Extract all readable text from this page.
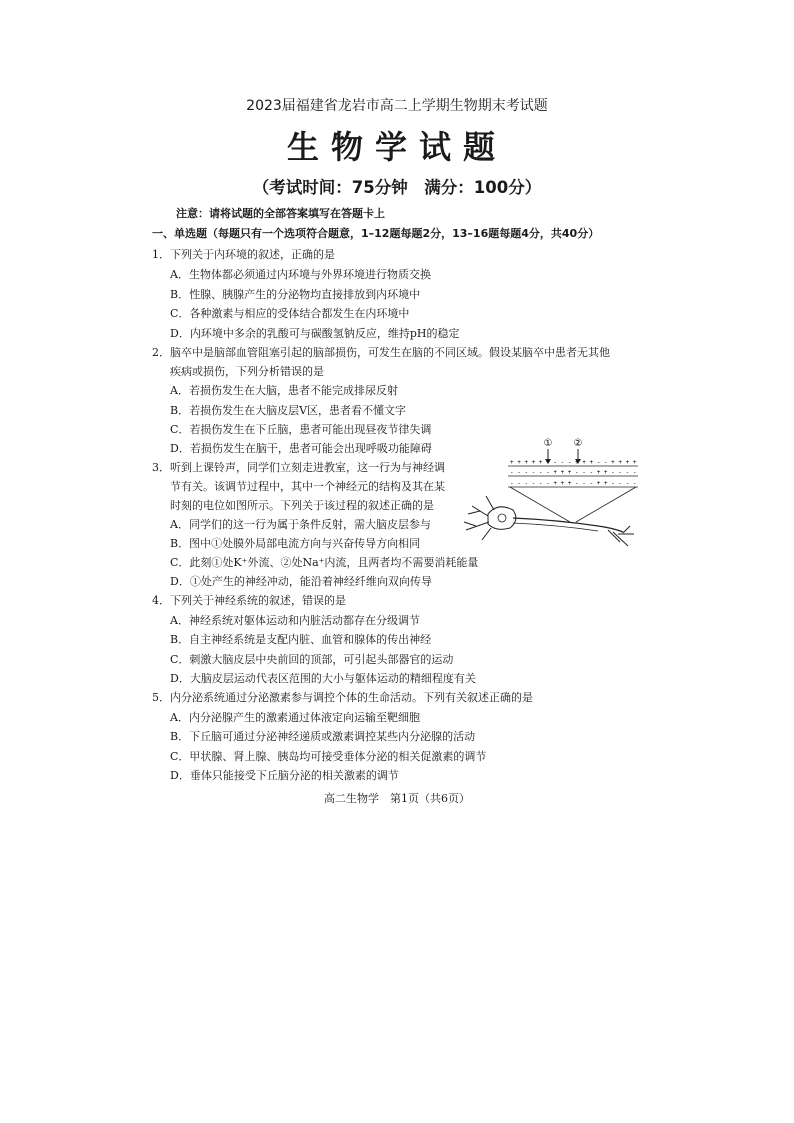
2023届福建省龙岩市高二上学期生物期末考试题
生物学试题
（考试时间：75分钟　满分：100分）
注意：请将试题的全部答案填写在答题卡上
一、单选题（每题只有一个选项符合题意，1–12题每题2分，13–16题每题4分，共40分）
1．下列关于内环境的叙述，正确的是
A．生物体都必须通过内环境与外界环境进行物质交换
B．性腺、胰腺产生的分泌物均直接排放到内环境中
C．各种激素与相应的受体结合都发生在内环境中
D．内环境中多余的乳酸可与碳酸氢钠反应，维持pH的稳定
2．脑卒中是脑部血管阻塞引起的脑部损伤，可发生在脑的不同区域。假设某脑卒中患者无其他
疾病或损伤，下列分析错误的是
A．若损伤发生在大脑，患者不能完成排尿反射
B．若损伤发生在大脑皮层V区，患者看不懂文字
C．若损伤发生在下丘脑，患者可能出现昼夜节律失调
D．若损伤发生在脑干，患者可能会出现呼吸功能障碍
3．听到上课铃声，同学们立刻走进教室，这一行为与神经调
节有关。该调节过程中，其中一个神经元的结构及其在某
时刻的电位如图所示。下列关于该过程的叙述正确的是
A．同学们的这一行为属于条件反射，需大脑皮层参与
B．图中①处膜外局部电流方向与兴奋传导方向相同
C．此刻①处K⁺外流、②处Na⁺内流，且两者均不需要消耗能量
D．①处产生的神经冲动，能沿着神经纤维向双向传导
① ②
+ + + + + + - - - + + + - - + + + +
- - - - - - + + + - - - + + - - - -
- - - - - - + + + - - - + + - - - -
4．下列关于神经系统的叙述，错误的是
A．神经系统对躯体运动和内脏活动都存在分级调节
B．自主神经系统是支配内脏、血管和腺体的传出神经
C．刺激大脑皮层中央前回的顶部，可引起头部器官的运动
D．大脑皮层运动代表区范围的大小与躯体运动的精细程度有关
5．内分泌系统通过分泌激素参与调控个体的生命活动。下列有关叙述正确的是
A．内分泌腺产生的激素通过体液定向运输至靶细胞
B．下丘脑可通过分泌神经递质或激素调控某些内分泌腺的活动
C．甲状腺、肾上腺、胰岛均可接受垂体分泌的相关促激素的调节
D．垂体只能接受下丘脑分泌的相关激素的调节
高二生物学　第1页（共6页）
